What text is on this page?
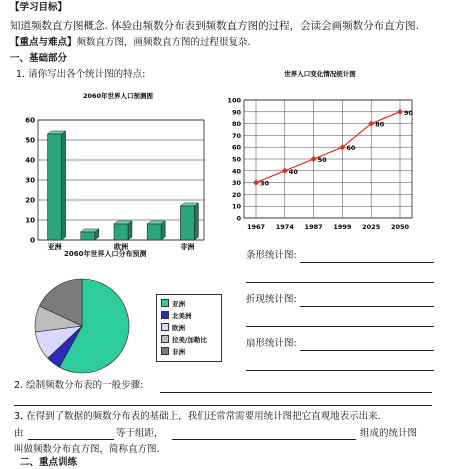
【学习目标】
知道频数直方图概念. 体验由频数分布表到频数直方图的过程，会读会画频数分布直方图.
【重点与难点】频数直方图，画频数直方图的过程很复杂.
一、基础部分
1. 请你写出各个统计图的特点:
2060年世界人口预测图
0
10
20
30
40
50
60
亚洲	欧洲	非洲
世界人口变化情况统计图
0
10
20
30
40
50
60
70
80
90
100
30
40
50
60
80
90
1967 1974 1987 1999 2025 2050
2060年世界人口分布预测
亚洲
北美洲
欧洲
拉美/加勒比
非洲
条形统计图:
折现统计图:
扇形统计图:
2. 绘制频数分布表的一般步骤:
3. 在得到了数据的频数分布表的基础上，我们还常常需要用统计图把它直观地表示出来.
由	等于组距，	组成的统计图
叫做频数分布直方图，简称直方图.
二、重点训练
